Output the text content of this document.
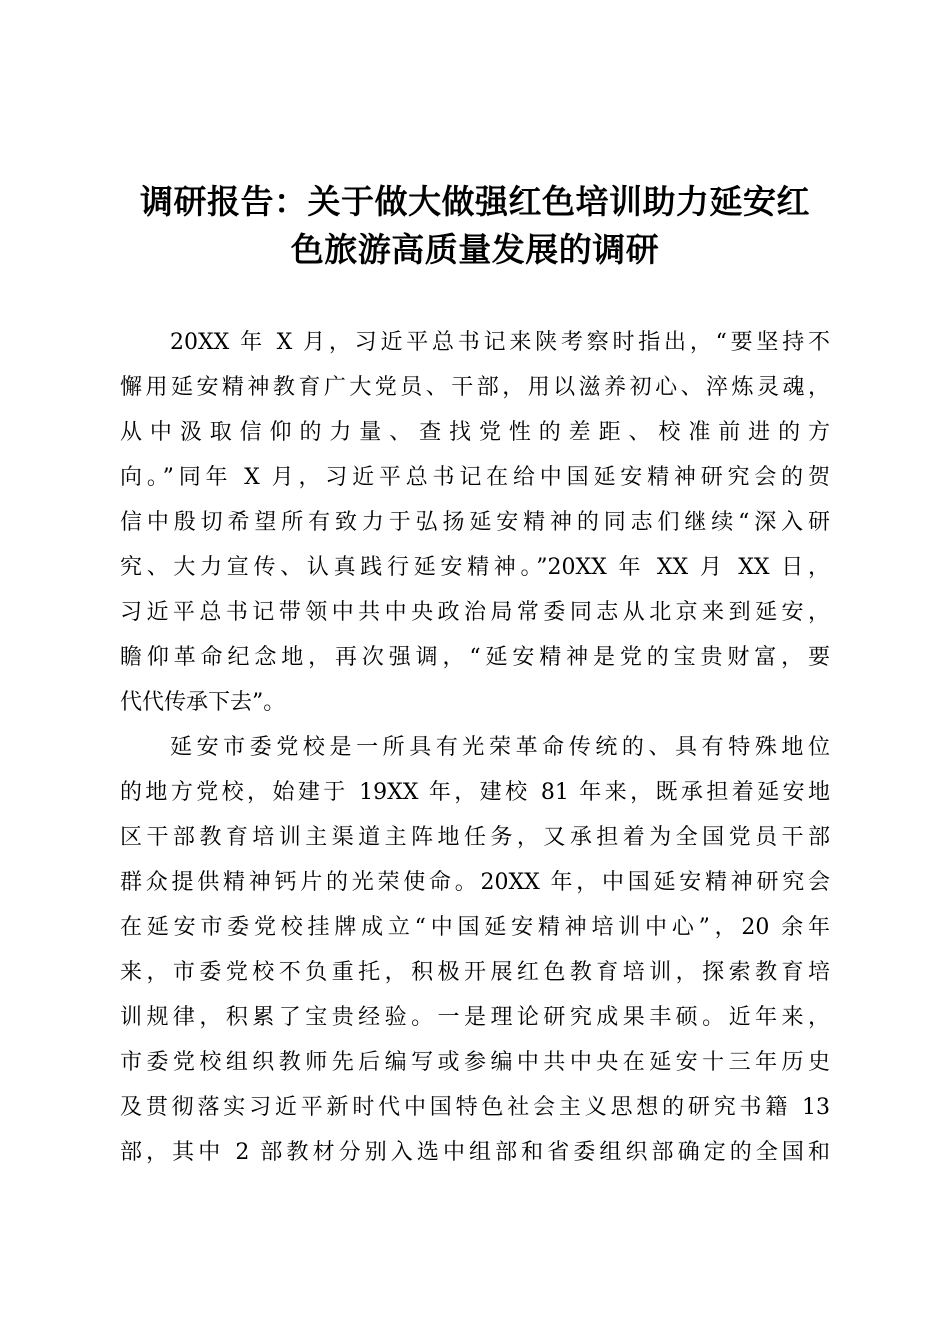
调研报告：关于做大做强红色培训助力延安红
色旅游高质量发展的调研
20XX 年 X 月，习近平总书记来陕考察时指出，“要坚持不
懈用延安精神教育广大党员、干部，用以滋养初心、淬炼灵魂，
从中汲取信仰的力量、查找党性的差距、校准前进的方
向。”同年 X 月，习近平总书记在给中国延安精神研究会的贺
信中殷切希望所有致力于弘扬延安精神的同志们继续“深入研
究、大力宣传、认真践行延安精神。”20XX 年 XX 月 XX 日，
习近平总书记带领中共中央政治局常委同志从北京来到延安，
瞻仰革命纪念地，再次强调，“延安精神是党的宝贵财富，要
代代传承下去”。
延安市委党校是一所具有光荣革命传统的、具有特殊地位
的地方党校，始建于 19XX 年，建校 81 年来，既承担着延安地
区干部教育培训主渠道主阵地任务，又承担着为全国党员干部
群众提供精神钙片的光荣使命。20XX 年，中国延安精神研究会
在延安市委党校挂牌成立“中国延安精神培训中心”，20 余年
来，市委党校不负重托，积极开展红色教育培训，探索教育培
训规律，积累了宝贵经验。一是理论研究成果丰硕。近年来，
市委党校组织教师先后编写或参编中共中央在延安十三年历史
及贯彻落实习近平新时代中国特色社会主义思想的研究书籍 13
部，其中 2 部教材分别入选中组部和省委组织部确定的全国和
